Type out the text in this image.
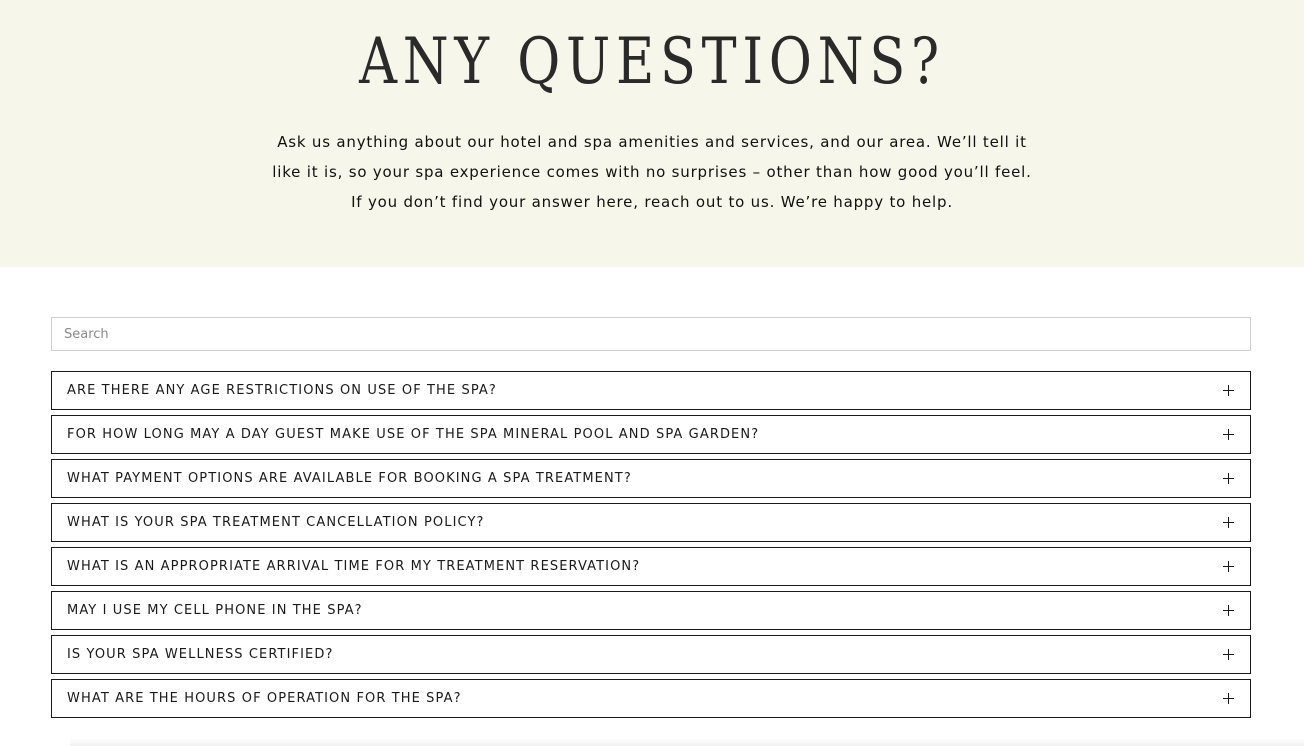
ANY QUESTIONS?

Ask us anything about our hotel and spa amenities and services, and our area. We’ll tell it
like it is, so your spa experience comes with no surprises – other than how good you’ll feel.
If you don’t find your answer here, reach out to us. We’re happy to help.

Search
ARE THERE ANY AGE RESTRICTIONS ON USE OF THE SPA?
FOR HOW LONG MAY A DAY GUEST MAKE USE OF THE SPA MINERAL POOL AND SPA GARDEN?
WHAT PAYMENT OPTIONS ARE AVAILABLE FOR BOOKING A SPA TREATMENT?
WHAT IS YOUR SPA TREATMENT CANCELLATION POLICY?
WHAT IS AN APPROPRIATE ARRIVAL TIME FOR MY TREATMENT RESERVATION?
MAY I USE MY CELL PHONE IN THE SPA?
IS YOUR SPA WELLNESS CERTIFIED?
WHAT ARE THE HOURS OF OPERATION FOR THE SPA?
